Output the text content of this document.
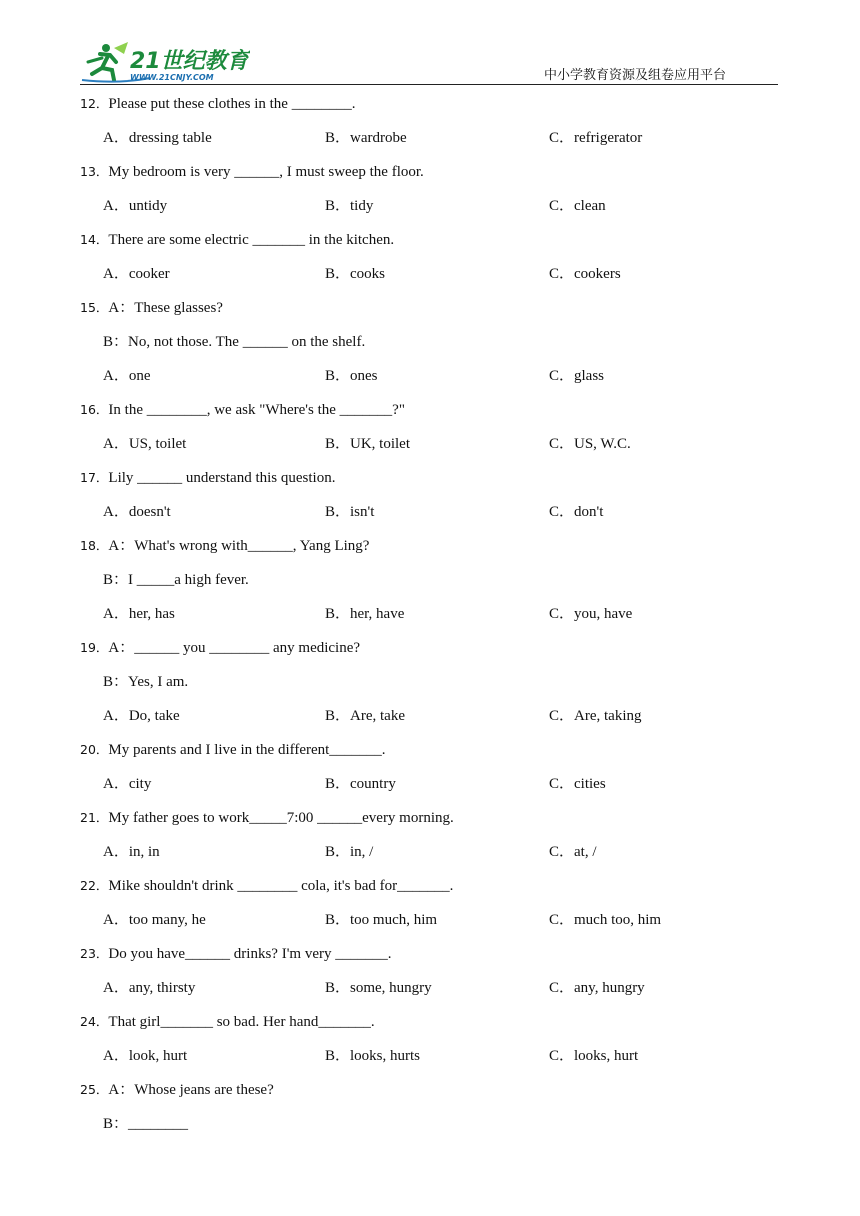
21世纪教育
WWW.21CNJY.COM	中小学教育资源及组卷应用平台
12．Please put these clothes in the ________.
A．dressing table	B．wardrobe	C．refrigerator
13．My bedroom is very ______, I must sweep the floor.
A．untidy	B．tidy	C．clean
14．There are some electric _______ in the kitchen.
A．cooker	B．cooks	C．cookers
15．A：These glasses?
B：No, not those. The ______ on the shelf.
A．one	B．ones	C．glass
16．In the ________, we ask "Where's the _______?"
A．US, toilet	B．UK, toilet	C．US, W.C.
17．Lily ______ understand this question.
A．doesn't	B．isn't	C．don't
18．A：What's wrong with______, Yang Ling?
B：I _____a high fever.
A．her, has	B．her, have	C．you, have
19．A：______ you ________ any medicine?
B：Yes, I am.
A．Do, take	B．Are, take	C．Are, taking
20．My parents and I live in the different_______.
A．city	B．country	C．cities
21．My father goes to work_____7:00 ______every morning.
A．in, in	B．in, /	C．at, /
22．Mike shouldn't drink ________ cola, it's bad for_______.
A．too many, he	B．too much, him	C．much too, him
23．Do you have______ drinks? I'm very _______.
A．any, thirsty	B．some, hungry	C．any, hungry
24．That girl_______ so bad. Her hand_______.
A．look, hurt	B．looks, hurts	C．looks, hurt
25．A：Whose jeans are these?
B：________
